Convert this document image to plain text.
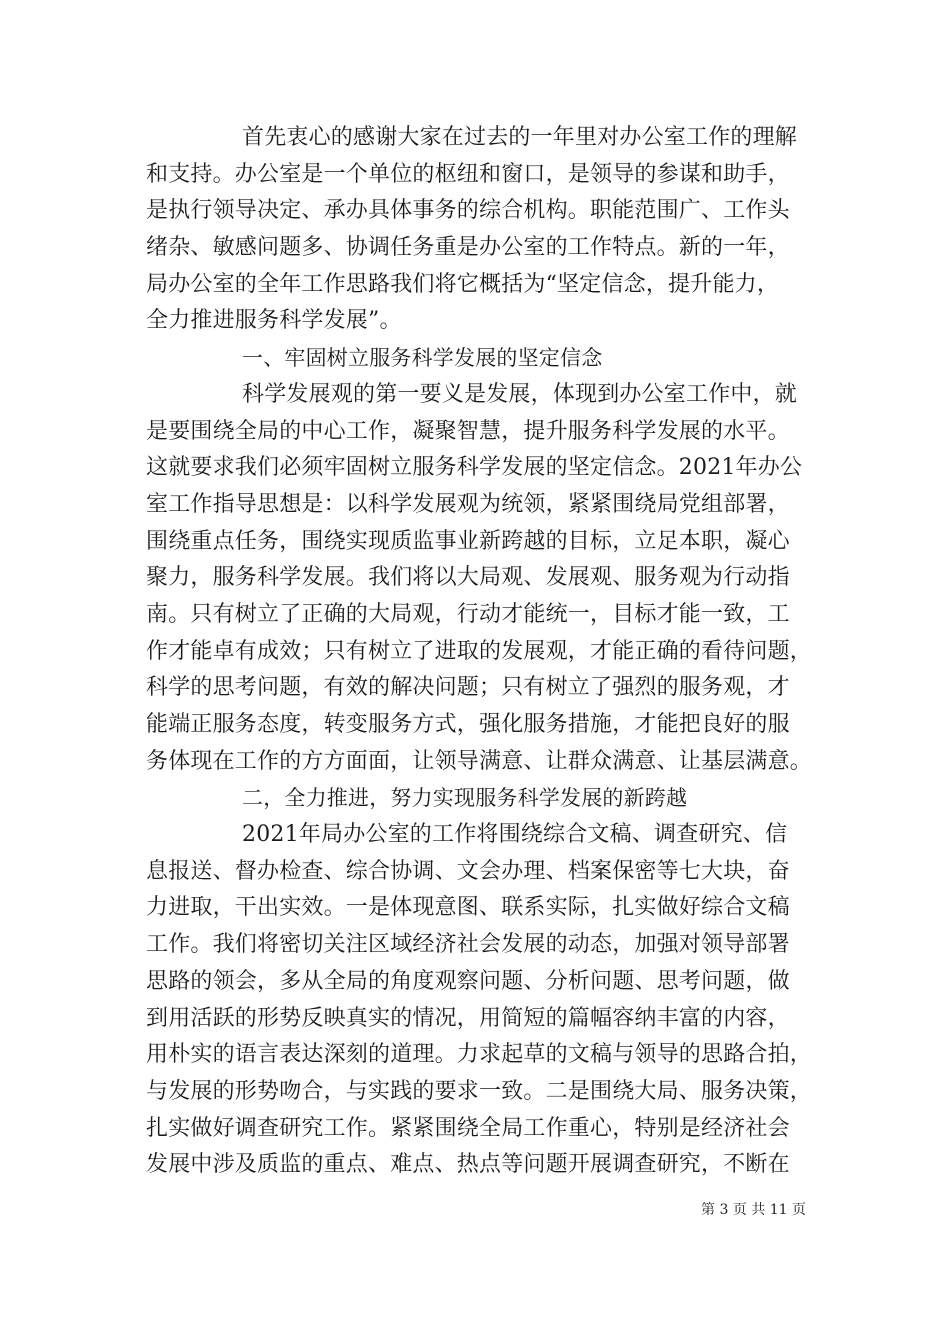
首先衷心的感谢大家在过去的一年里对办公室工作的理解
和支持。办公室是一个单位的枢纽和窗口，是领导的参谋和助手，
是执行领导决定、承办具体事务的综合机构。职能范围广、工作头
绪杂、敏感问题多、协调任务重是办公室的工作特点。新的一年，
局办公室的全年工作思路我们将它概括为“坚定信念，提升能力，
全力推进服务科学发展”。
一、牢固树立服务科学发展的坚定信念
科学发展观的第一要义是发展，体现到办公室工作中，就
是要围绕全局的中心工作，凝聚智慧，提升服务科学发展的水平。
这就要求我们必须牢固树立服务科学发展的坚定信念。2021年办公
室工作指导思想是：以科学发展观为统领，紧紧围绕局党组部署，
围绕重点任务，围绕实现质监事业新跨越的目标，立足本职，凝心
聚力，服务科学发展。我们将以大局观、发展观、服务观为行动指
南。只有树立了正确的大局观，行动才能统一，目标才能一致，工
作才能卓有成效；只有树立了进取的发展观，才能正确的看待问题，
科学的思考问题，有效的解决问题；只有树立了强烈的服务观，才
能端正服务态度，转变服务方式，强化服务措施，才能把良好的服
务体现在工作的方方面面，让领导满意、让群众满意、让基层满意。
二，全力推进，努力实现服务科学发展的新跨越
2021年局办公室的工作将围绕综合文稿、调查研究、信
息报送、督办检查、综合协调、文会办理、档案保密等七大块，奋
力进取，干出实效。一是体现意图、联系实际，扎实做好综合文稿
工作。我们将密切关注区域经济社会发展的动态，加强对领导部署
思路的领会，多从全局的角度观察问题、分析问题、思考问题，做
到用活跃的形势反映真实的情况，用简短的篇幅容纳丰富的内容，
用朴实的语言表达深刻的道理。力求起草的文稿与领导的思路合拍，
与发展的形势吻合，与实践的要求一致。二是围绕大局、服务决策，
扎实做好调查研究工作。紧紧围绕全局工作重心，特别是经济社会
发展中涉及质监的重点、难点、热点等问题开展调查研究，不断在
第 3 页 共 11 页
